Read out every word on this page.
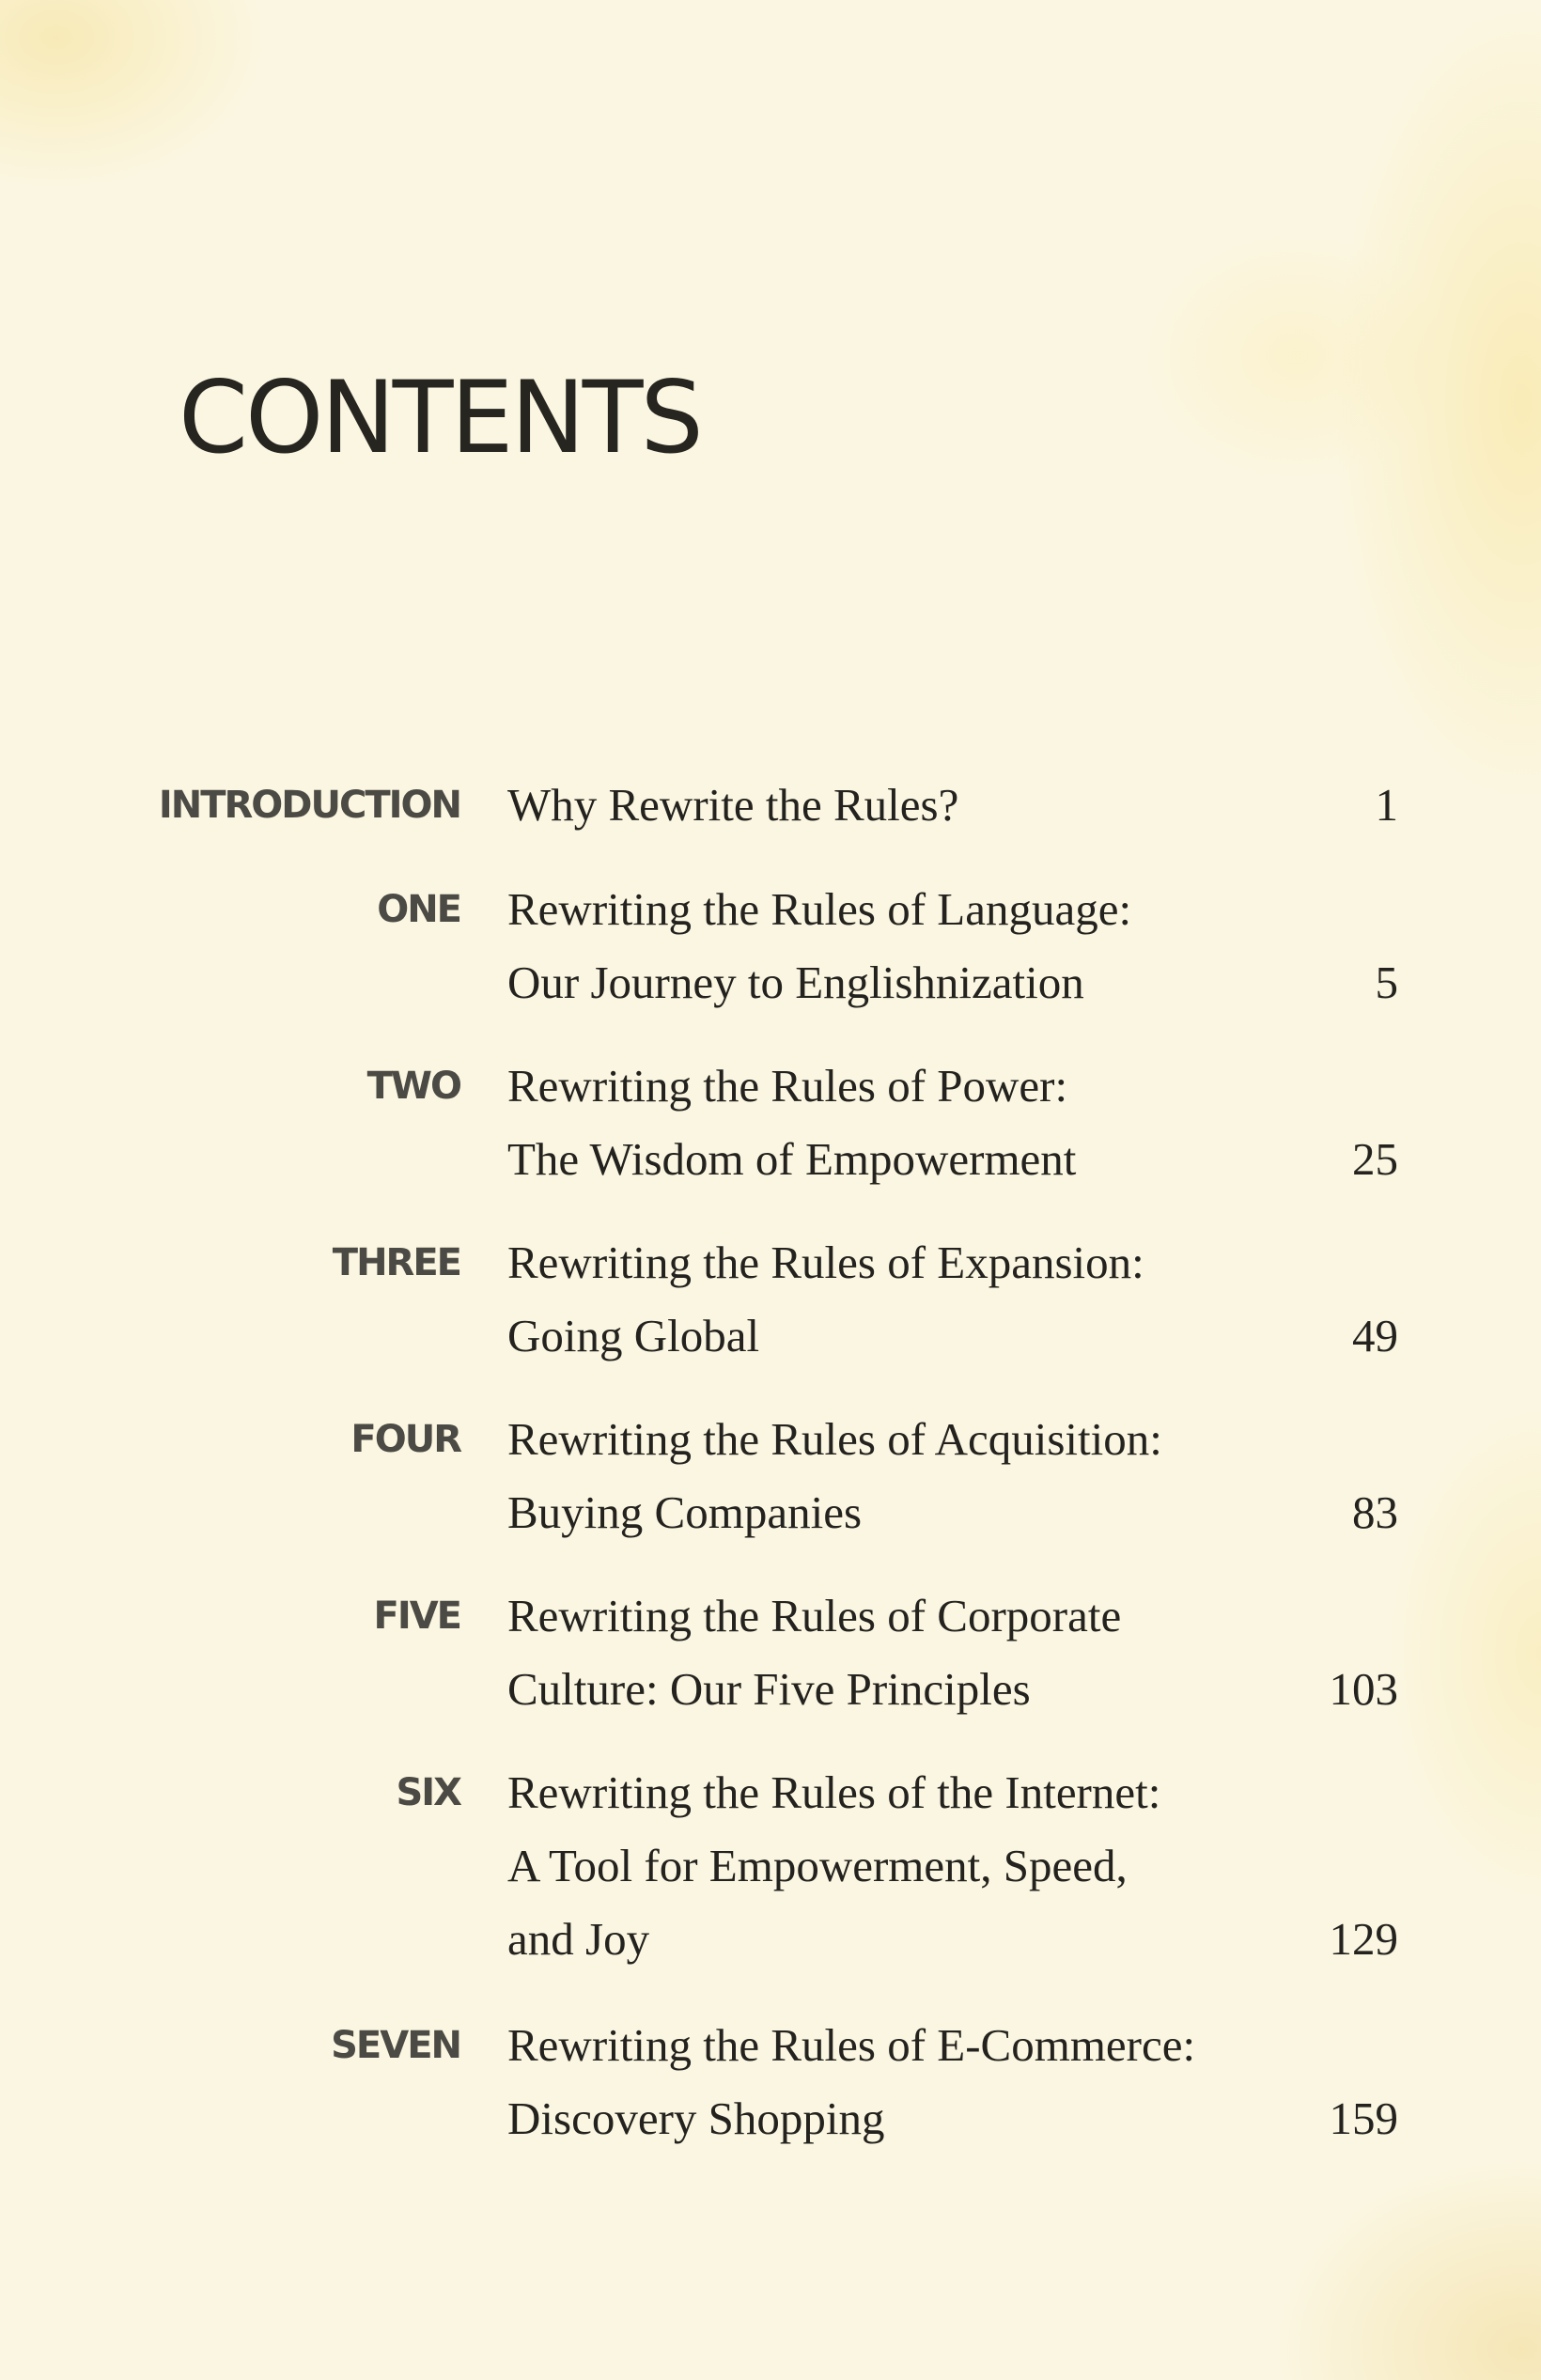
CONTENTS
INTRODUCTION Why Rewrite the Rules?	1
ONE Rewriting the Rules of Language:
Our Journey to Englishnization	5
TWO Rewriting the Rules of Power:
The Wisdom of Empowerment	25
THREE Rewriting the Rules of Expansion:
Going Global	49
FOUR Rewriting the Rules of Acquisition:
Buying Companies	83
FIVE Rewriting the Rules of Corporate
Culture: Our Five Principles	103
SIX Rewriting the Rules of the Internet:
A Tool for Empowerment, Speed,
and Joy	129
SEVEN Rewriting the Rules of E-Commerce:
Discovery Shopping	159
